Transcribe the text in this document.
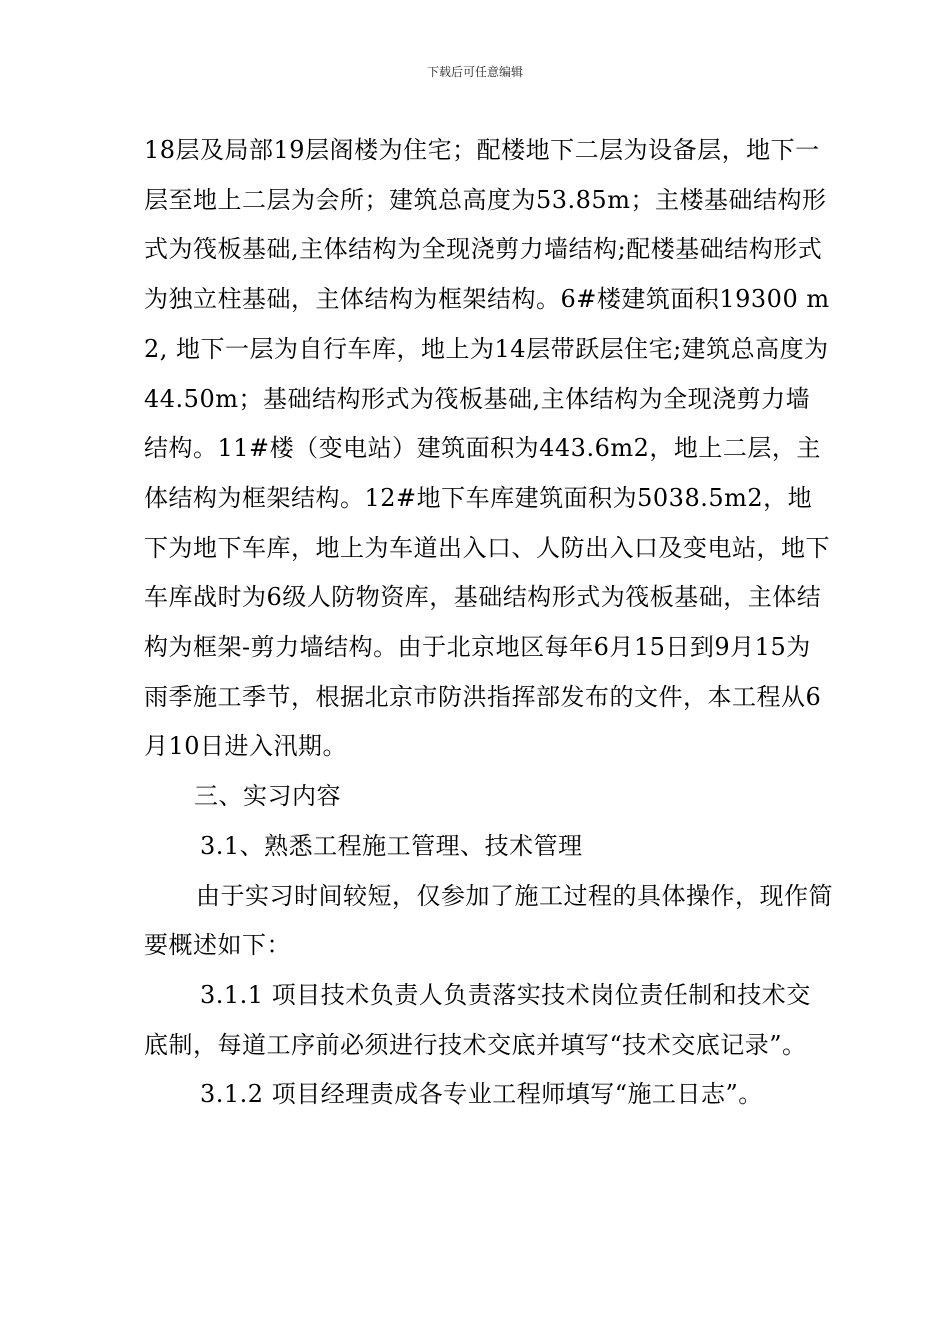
下载后可任意编辑

18层及局部19层阁楼为住宅；配楼地下二层为设备层，地下一层至地上二层为会所；建筑总高度为53.85m；主楼基础结构形式为筏板基础,主体结构为全现浇剪力墙结构;配楼基础结构形式为独立柱基础，主体结构为框架结构。6#楼建筑面积19300 m2, 地下一层为自行车库，地上为14层带跃层住宅;建筑总高度为44.50m；基础结构形式为筏板基础,主体结构为全现浇剪力墙结构。11#楼（变电站）建筑面积为443.6m2，地上二层，主体结构为框架结构。12#地下车库建筑面积为5038.5m2，地下为地下车库，地上为车道出入口、人防出入口及变电站，地下车库战时为6级人防物资库，基础结构形式为筏板基础，主体结构为框架-剪力墙结构。由于北京地区每年6月15日到9月15为雨季施工季节，根据北京市防洪指挥部发布的文件，本工程从6月10日进入汛期。

三、实习内容

3.1、熟悉工程施工管理、技术管理

由于实习时间较短，仅参加了施工过程的具体操作，现作简要概述如下：

3.1.1 项目技术负责人负责落实技术岗位责任制和技术交底制，每道工序前必须进行技术交底并填写“技术交底记录”。

3.1.2 项目经理责成各专业工程师填写“施工日志”。
